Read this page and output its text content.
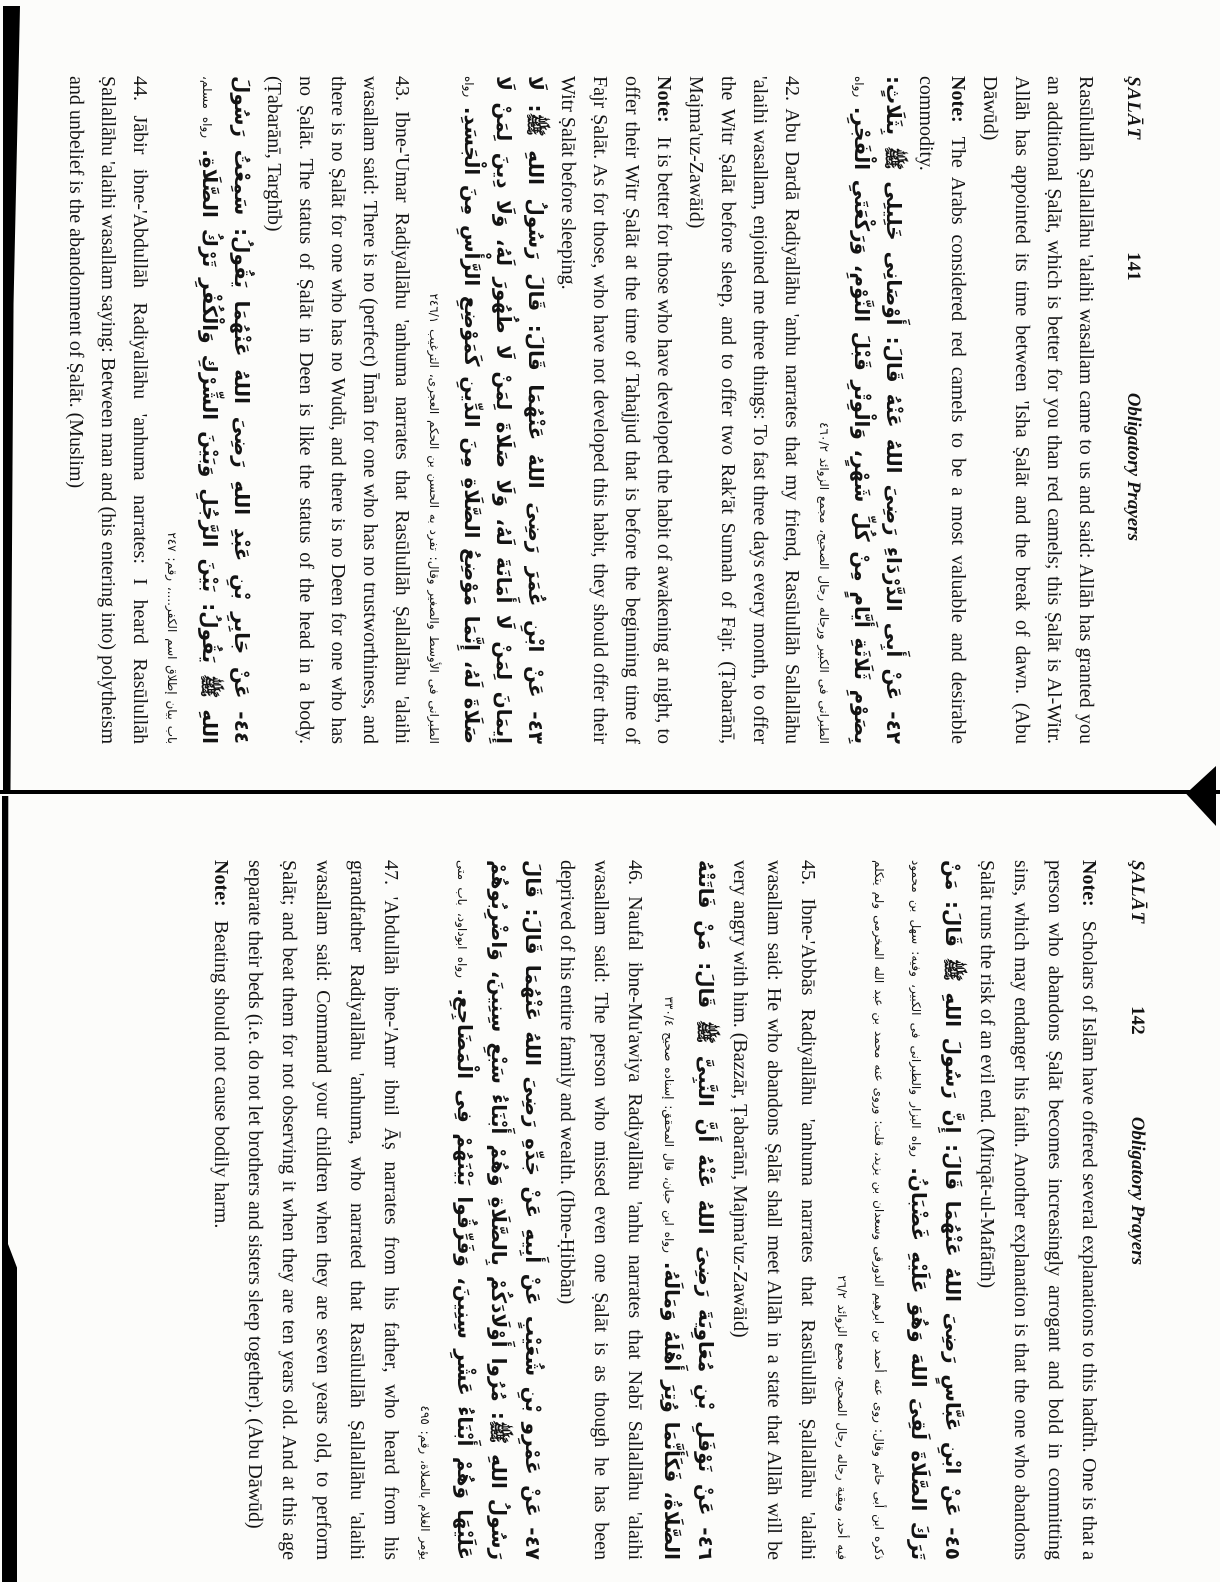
ŞALĀT
141
Obligatory Prayers

Rasūlullāh Ṣallallāhu 'alaihi wasallam came to us and said: Allāh has granted you an additional Ṣalāt, which is better for you than red camels; this Ṣalāt is Al-Witr. Allāh has appointed its time between 'Isha Ṣalāt and the break of dawn. (Abu Dāwūd)

Note:The Arabs considered red camels to be a most valuable and desirable commodity.

٤٢- عَنْ أَبِى الدَّرْدَاءِ رَضِىَ اللهُ عَنْهُ قَالَ: أَوْصَانِى خَلِيلِى ﷺ بِثَلَاثٍ: بِصَوْمِ ثَلَاثَةِ أَيَّامٍ مِنْ كُلِّ شَهْرٍ، وَالْوِتْرِ قَبْلَ النَّوْمِ، وَرَكْعَتَىِ الْفَجْرِ. رواه الطبرانى فى الكبير ورجاله رجال الصحيح، مجمع الزوائد ٤٦٠/٢

42. Abu Dardā Radiyallāhu 'anhu narrates that my friend, Rasūlullāh Sallallāhu 'alaihi wasallam, enjoined me three things: To fast three days every month, to offer the Witr Ṣalāt before sleep, and to offer two Rak'āt Sunnah of Fajr. (Ṭabarānī, Majma'uz-Zawāid)

Note:It is better for those who have developed the habit of awakening at night, to offer their Witr Ṣalāt at the time of Tahajjud that is before the beginning time of Fajr Ṣalāt. As for those, who have not developed this habit, they should offer their Witr Ṣalāt before sleeping.

٤٣- عَنْ ابْنِ عُمَرَ رَضِىَ اللهُ عَنْهُمَا قَالَ: قَالَ رَسُولُ اللهِ ﷺ: لَا إِيمَانَ لِمَنْ لَا أَمَانَةَ لَهُ، وَلَا صَلَاةَ لِمَنْ لَا طُهُورَ لَهُ، وَلَا دِينَ لِمَنْ لَا صَلَاةَ لَهُ، إِنَّمَا مَوْضِعُ الصَّلَاةِ مِنَ الدِّينِ كَمَوْضِعِ الرَّأْسِ مِنَ الْجَسَدِ. رواه الطبرانى فى الأوسط والصغير وقال: تفرد به الحسن بن الحكم العجرى، الترغيب ٢٤٦/١

43. Ibne-'Umar Radiyallāhu 'anhuma narrates that Rasūlullāh Ṣallallāhu 'alaihi wasallam said: There is no (perfect) Īmān for one who has no trustworthiness, and there is no Ṣalāt for one who has no Wudū, and there is no Deen for one who has no Ṣalāt. The status of Ṣalāt in Deen is like the status of the head in a body. (Ṭabarānī, Targhīb)

٤٤- عَنْ جَابِرِ بْنِ عَبْدِ اللهِ رَضِىَ اللهُ عَنْهُمَا يَقُولُ: سَمِعْتُ رَسُولَ اللهِ ﷺ يَقُولُ: بَيْنَ الرَّجُلِ وَبَيْنَ الشِّرْكِ وَالْكُفْرِ تَرْكُ الصَّلَاةِ. رواه مسلم، باب بيان إطلاق اسم الكفر....، رقم: ٢٤٧

44. Jābir ibne-'Abdullāh Radiyallāhu 'anhuma narrates: I heard Rasūlullāh Ṣallallāhu 'alaihi wasallam saying: Between man and (his entering into) polytheism and unbelief is the abandonment of Ṣalāt. (Muslim)

ŞALĀT
142
Obligatory Prayers

Note:Scholars of Islām have offered several explanations to this hadīth. One is that a person who abandons Ṣalāt becomes increasingly arrogant and bold in committing sins, which may endanger his faith. Another explanation is that the one who abandons Ṣalāt runs the risk of an evil end. (Mirqāt-ul-Mafātīh)

٤٥- عَنْ ابْنِ عَبَّاسٍ رَضِىَ اللهُ عَنْهُمَا قَالَ: إِنَّ رَسُولَ اللهِ ﷺ قَالَ: مَنْ تَرَكَ الصَّلَاةَ لَقِىَ اللهَ وَهُوَ عَلَيْهِ غَضْبَانُ. رواه البزار والطبرانى فى الكبير، وفيه: سهل بن محمود ذكره ابن أبى حاتم وقال: روى عنه أحمد بن ابرهيم الدورقى وسعدان بن يزيد، قلت: وروى عنه محمد بن عبد الله المخرمى ولم يتكلم فيه أحد، وبقية رجاله رجال الصحيح، مجمع الزوائد ٢٦/٢

45. Ibne-'Abbās Radiyallāhu 'anhuma narrates that Rasūlullāh Ṣallallāhu 'alaihi wasallam said: He who abandons Ṣalāt shall meet Allāh in a state that Allāh will be very angry with him. (Bazzār, Ṭabarānī, Majma'uz-Zawāid)

٤٦- عَنْ نَوْفَلِ بْنِ مُعَاوِيَةَ رَضِىَ اللهُ عَنْهُ أَنَّ النَّبِىَّ ﷺ قَالَ: مَنْ فَاتَتْهُ الصَّلَاةُ، فَكَأَنَّمَا وُتِرَ أَهْلَهُ وَمَالَهُ. رواه ابن حبان، قال المحقق: إسناده صحيح ٣٣٠/٤

46. Naufal ibne-Mu'awiya Radiyallāhu 'anhu narrates that Nabī Sallallāhu 'alaihi wasallam said: The person who missed even one Ṣalāt is as though he has been deprived of his entire family and wealth. (Ibne-Ḥibbān)

٤٧- عَنْ عَمْرِو بْنِ شُعَيْبٍ عَنْ أَبِيهِ عَنْ جَدِّهِ رَضِىَ اللهُ عَنْهُمَا قَالَ: قَالَ رَسُولُ اللهِ ﷺ: مُرُوا أَوْلَادَكُمْ بِالصَّلَاةِ وَهُمْ أَبْنَاءُ سَبْعِ سِنِينَ، وَاضْرِبُوهُمْ عَلَيْهَا وَهُمْ أَبْنَاءُ عَشْرِ سِنِينَ، وَفَرِّقُوا بَيْنَهُمْ فِى الْمَضَاجِعِ. رواه ابوداود، باب متى يؤمر الغلام بالصلاة، رقم: ٤٩٥

47. 'Abdullāh ibne-'Amr ibnil Āṣ narrates from his father, who heard from his grandfather Radiyallāhu 'anhuma, who narrated that Rasūlullāh Ṣallallāhu 'alaihi wasallam said: Command your children when they are seven years old, to perform Ṣalāt; and beat them for not observing it when they are ten years old. And at this age separate their beds (i.e. do not let brothers and sisters sleep together). (Abu Dāwūd)

Note:Beating should not cause bodily harm.
